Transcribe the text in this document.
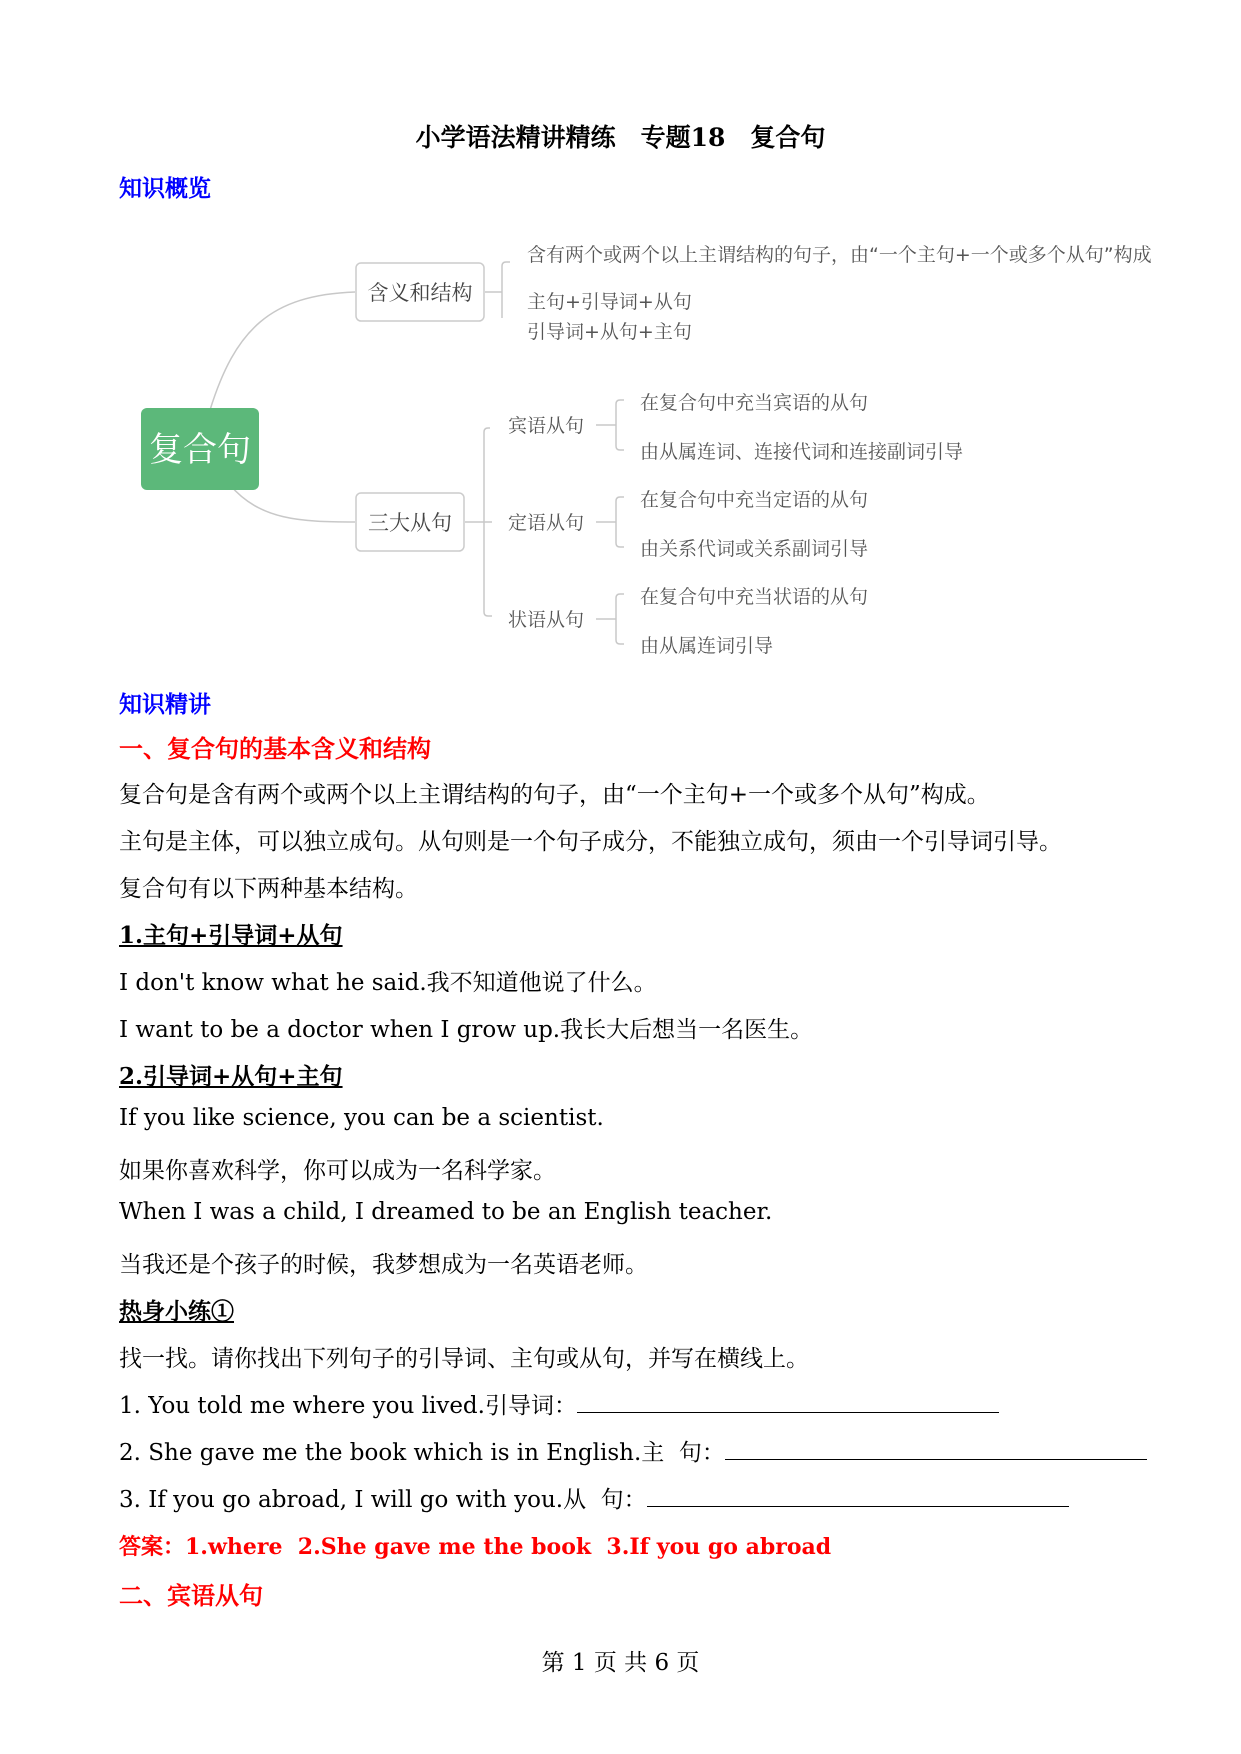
小学语法精讲精练　专题18　复合句
知识概览
复合句
含义和结构
三大从句
含有两个或两个以上主谓结构的句子，由“一个主句+一个或多个从句”构成
主句+引导词+从句
引导词+从句+主句
宾语从句
在复合句中充当宾语的从句
由从属连词、连接代词和连接副词引导
定语从句
在复合句中充当定语的从句
由关系代词或关系副词引导
状语从句
在复合句中充当状语的从句
由从属连词引导
知识精讲
一、复合句的基本含义和结构
复合句是含有两个或两个以上主谓结构的句子，由“一个主句+一个或多个从句”构成。
主句是主体，可以独立成句。从句则是一个句子成分，不能独立成句，须由一个引导词引导。
复合句有以下两种基本结构。
1.主句+引导词+从句
I don't know what he said.我不知道他说了什么。
I want to be a doctor when I grow up.我长大后想当一名医生。
2.引导词+从句+主句
If you like science, you can be a scientist.
如果你喜欢科学，你可以成为一名科学家。
When I was a child, I dreamed to be an English teacher.
当我还是个孩子的时候，我梦想成为一名英语老师。
热身小练①
找一找。请你找出下列句子的引导词、主句或从句，并写在横线上。
1. You told me where you lived.引导词：
2. She gave me the book which is in English.主  句：
3. If you go abroad, I will go with you.从  句：
答案：1.where  2.She gave me the book  3.If you go abroad
二、宾语从句
第 1 页 共 6 页
